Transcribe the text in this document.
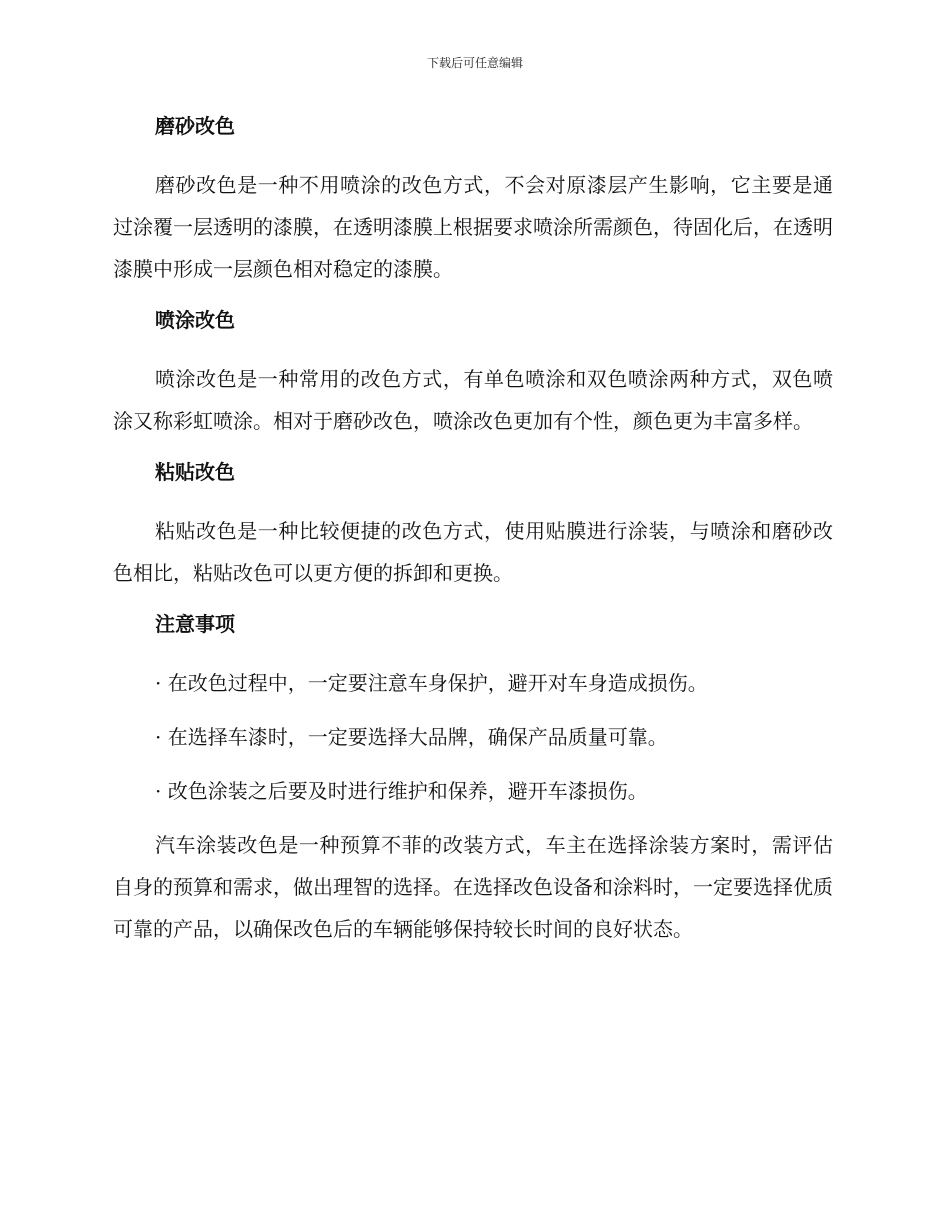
下载后可任意编辑
磨砂改色
磨砂改色是一种不用喷涂的改色方式，不会对原漆层产生影响，它主要是通过涂覆一层透明的漆膜，在透明漆膜上根据要求喷涂所需颜色，待固化后，在透明漆膜中形成一层颜色相对稳定的漆膜。
喷涂改色
喷涂改色是一种常用的改色方式，有单色喷涂和双色喷涂两种方式，双色喷涂又称彩虹喷涂。相对于磨砂改色，喷涂改色更加有个性，颜色更为丰富多样。
粘贴改色
粘贴改色是一种比较便捷的改色方式，使用贴膜进行涂装，与喷涂和磨砂改色相比，粘贴改色可以更方便的拆卸和更换。
注意事项
· 在改色过程中，一定要注意车身保护，避开对车身造成损伤。
· 在选择车漆时，一定要选择大品牌，确保产品质量可靠。
· 改色涂装之后要及时进行维护和保养，避开车漆损伤。
汽车涂装改色是一种预算不菲的改装方式，车主在选择涂装方案时，需评估自身的预算和需求，做出理智的选择。在选择改色设备和涂料时，一定要选择优质可靠的产品，以确保改色后的车辆能够保持较长时间的良好状态。
